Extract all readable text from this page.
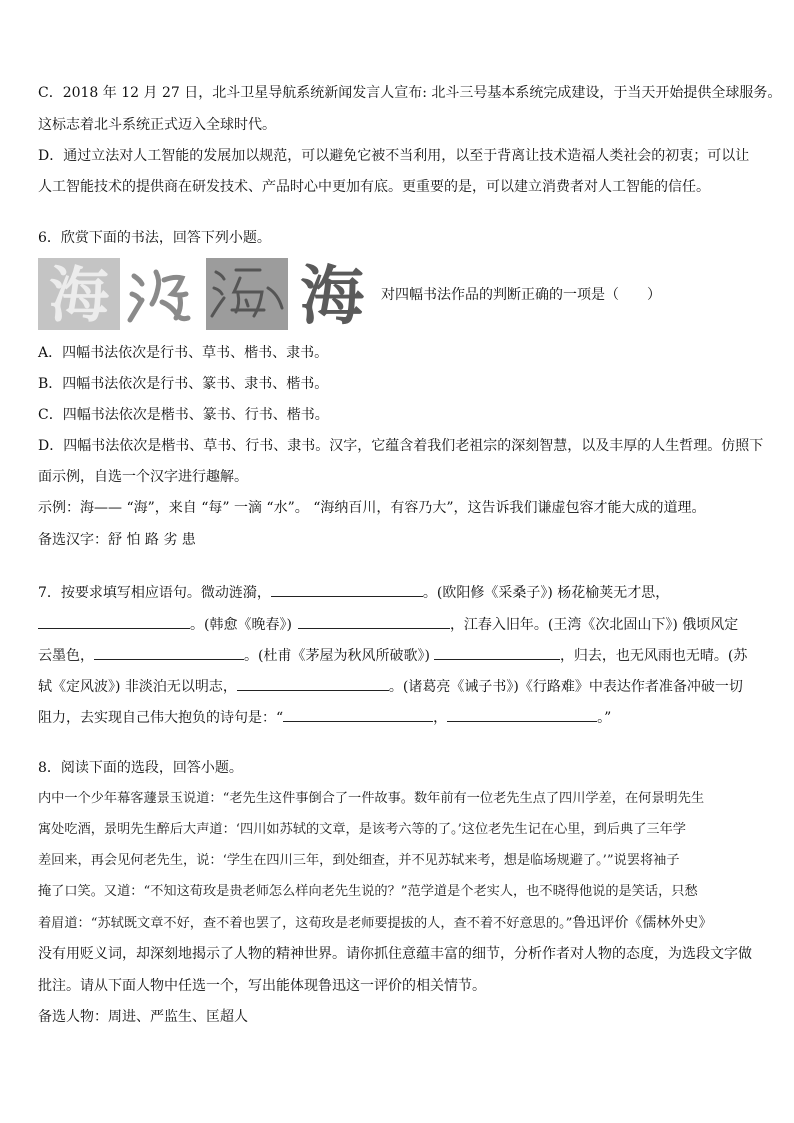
C．2018 年 12 月 27 日，北斗卫星导航系统新闻发言人宣布: 北斗三号基本系统完成建设，于当天开始提供全球服务。
这标志着北斗系统正式迈入全球时代。
D．通过立法对人工智能的发展加以规范，可以避免它被不当利用，以至于背离让技术造福人类社会的初衷；可以让
人工智能技术的提供商在研发技术、产品时心中更加有底。更重要的是，可以建立消费者对人工智能的信任。
6．欣赏下面的书法，回答下列小题。
海	海 对四幅书法作品的判断正确的一项是（　　）
A．四幅书法依次是行书、草书、楷书、隶书。
B．四幅书法依次是行书、篆书、隶书、楷书。
C．四幅书法依次是楷书、篆书、行书、楷书。
D．四幅书法依次是楷书、草书、行书、隶书。汉字，它蕴含着我们老祖宗的深刻智慧，以及丰厚的人生哲理。仿照下
面示例，自选一个汉字进行趣解。
示例：海—— “海”，来自 “每” 一滴 “水”。 “海纳百川，有容乃大”，这告诉我们谦虚包容才能大成的道理。
备选汉字：舒 怕 路 劣 患
7．按要求填写相应语句。微动涟漪，	。(欧阳修《采桑子》) 杨花榆荚无才思，
。(韩愈《晚春》)	，江春入旧年。(王湾《次北固山下》) 俄顷风定
云墨色，	。(杜甫《茅屋为秋风所破歌》)	，归去，也无风雨也无晴。(苏
轼《定风波》) 非淡泊无以明志，	。(诸葛亮《诫子书》)《行路难》中表达作者准备冲破一切
阻力，去实现自己伟大抱负的诗句是：“	，	。”
8．阅读下面的选段，回答小题。
内中一个少年幕客蘧景玉说道：“老先生这件事倒合了一件故事。数年前有一位老先生点了四川学差，在何景明先生
寓处吃酒，景明先生醉后大声道：‘四川如苏轼的文章，是该考六等的了。’这位老先生记在心里，到后典了三年学
差回来，再会见何老先生，说：‘学生在四川三年，到处细查，并不见苏轼来考，想是临场规避了。’”说罢将袖子
掩了口笑。又道：“不知这荀玫是贵老师怎么样向老先生说的？”范学道是个老实人，也不晓得他说的是笑话，只愁
着眉道：“苏轼既文章不好，查不着也罢了，这荀玫是老师要提拔的人，查不着不好意思的。”鲁迅评价《儒林外史》
没有用贬义词，却深刻地揭示了人物的精神世界。请你抓住意蕴丰富的细节，分析作者对人物的态度，为选段文字做
批注。请从下面人物中任选一个，写出能体现鲁迅这一评价的相关情节。
备选人物：周进、严监生、匡超人
